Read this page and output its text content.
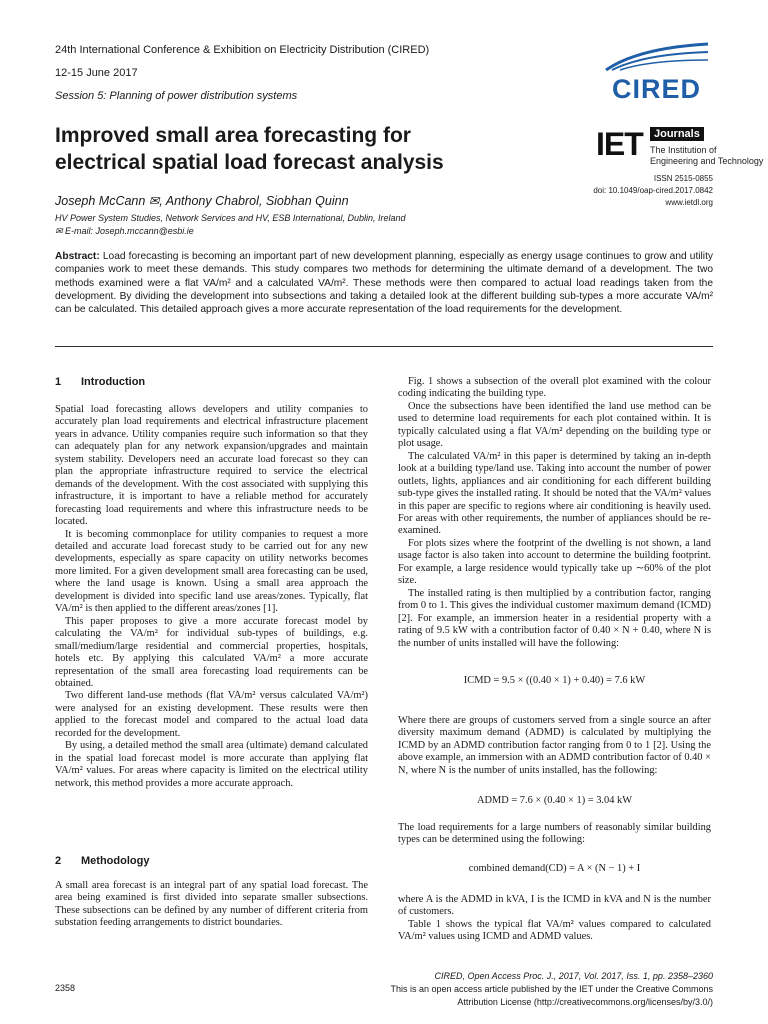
24th International Conference & Exhibition on Electricity Distribution (CIRED)
12-15 June 2017
Session 5: Planning of power distribution systems	CIRED
Improved small area forecasting for
electrical spatial load forecast analysis
IET	Journals
The Institution of
Engineering and Technology
ISSN 2515-0855
doi: 10.1049/oap-cired.2017.0842
www.ietdl.org
Joseph McCann ✉, Anthony Chabrol, Siobhan Quinn
HV Power System Studies, Network Services and HV, ESB International, Dublin, Ireland
✉ E-mail: Joseph.mccann@esbi.ie
Abstract: Load forecasting is becoming an important part of new development planning, especially as energy usage continues to grow and utility companies work to meet these demands. This study compares two methods for determining the ultimate demand of a development. The two methods examined were a flat VA/m² and a calculated VA/m². These methods were then compared to actual load readings taken from the development. By dividing the development into subsections and taking a detailed look at the different building sub-types a more accurate VA/m² can be calculated. This detailed approach gives a more accurate representation of the load requirements for the development.
1 Introduction

Spatial load forecasting allows developers and utility companies to accurately plan load requirements and electrical infrastructure placement years in advance. Utility companies require such information so that they can adequately plan for any network expansion/upgrades and maintain system stability. Developers need an accurate load forecast so they can plan the appropriate infrastructure required to service the electrical demands of the development. With the cost associated with supplying this infrastructure, it is important to have a reliable method for accurately forecasting load requirements and where this infrastructure needs to be located.

It is becoming commonplace for utility companies to request a more detailed and accurate load forecast study to be carried out for any new developments, especially as spare capacity on utility networks becomes more limited. For a given development small area forecasting can be used, where the land usage is known. Using a small area approach the development is divided into specific land use areas/zones. Typically, flat VA/m² is then applied to the different areas/zones [1].

This paper proposes to give a more accurate forecast model by calculating the VA/m² for individual sub-types of buildings, e.g. small/medium/large residential and commercial properties, hospitals, hotels etc. By applying this calculated VA/m² a more accurate representation of the small area forecasting load requirements can be obtained.

Two different land-use methods (flat VA/m² versus calculated VA/m²) were analysed for an existing development. These results were then applied to the forecast model and compared to the actual load data recorded for the development.

By using, a detailed method the small area (ultimate) demand calculated in the spatial load forecast model is more accurate than applying flat VA/m² values. For areas where capacity is limited on the electrical utility network, this method provides a more accurate approach.

2 Methodology

A small area forecast is an integral part of any spatial load forecast. The area being examined is first divided into separate smaller subsections. These subsections can be defined by any number of different criteria from substation feeding arrangements to district boundaries.

Fig. 1 shows a subsection of the overall plot examined with the colour coding indicating the building type.

Once the subsections have been identified the land use method can be used to determine load requirements for each plot contained within. It is typically calculated using a flat VA/m² depending on the building type or plot usage.

The calculated VA/m² in this paper is determined by taking an in-depth look at a building type/land use. Taking into account the number of power outlets, lights, appliances and air conditioning for each different building sub-type gives the installed rating. It should be noted that the VA/m² values in this paper are specific to regions where air conditioning is heavily used. For areas with other requirements, the number of appliances should be re-examined.

For plots sizes where the footprint of the dwelling is not shown, a land usage factor is also taken into account to determine the building footprint. For example, a large residence would typically take up ∼60% of the plot size.

The installed rating is then multiplied by a contribution factor, ranging from 0 to 1. This gives the individual customer maximum demand (ICMD) [2]. For example, an immersion heater in a residential property with a rating of 9.5 kW with a contribution factor of 0.40 × N + 0.40, where N is the number of units installed will have the following:

ICMD = 9.5 × ((0.40 × 1) + 0.40) = 7.6 kW

Where there are groups of customers served from a single source an after diversity maximum demand (ADMD) is calculated by multiplying the ICMD by an ADMD contribution factor ranging from 0 to 1 [2]. Using the above example, an immersion with an ADMD contribution factor of 0.40 × N, where N is the number of units installed, has the following:

ADMD = 7.6 × (0.40 × 1) = 3.04 kW

The load requirements for a large numbers of reasonably similar building types can be determined using the following:

combined demand(CD) = A × (N − 1) + I

where A is the ADMD in kVA, I is the ICMD in kVA and N is the number of customers.

Table 1 shows the typical flat VA/m² values compared to calculated VA/m² values using ICMD and ADMD values.

2358
CIRED, Open Access Proc. J., 2017, Vol. 2017, Iss. 1, pp. 2358–2360
This is an open access article published by the IET under the Creative Commons
Attribution License (http://creativecommons.org/licenses/by/3.0/)
